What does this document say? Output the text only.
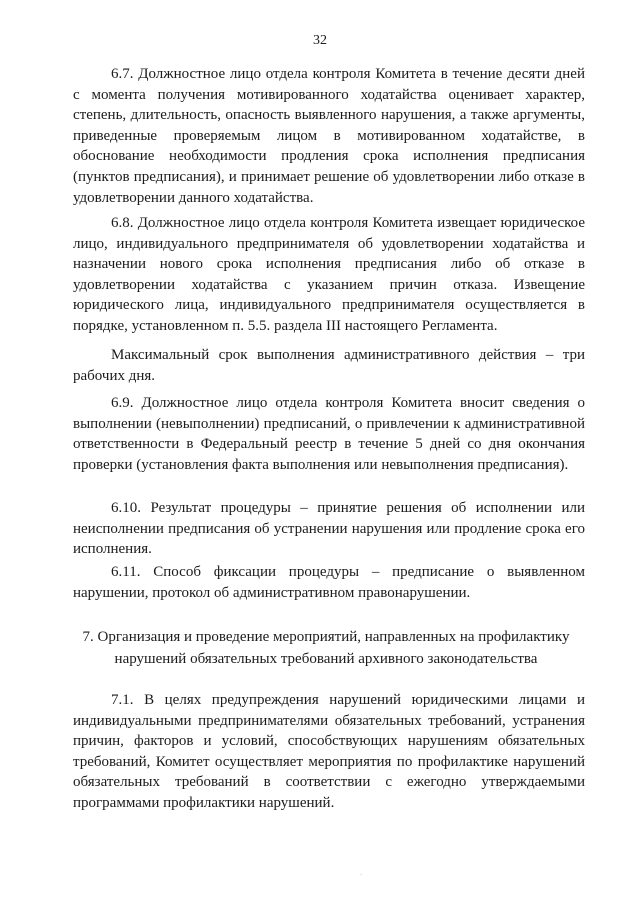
32

6.7. Должностное лицо отдела контроля Комитета в течение десяти дней с момента получения мотивированного ходатайства оценивает характер, степень, длительность, опасность выявленного нарушения, а также аргументы, приведенные проверяемым лицом в мотивированном ходатайстве, в обоснование необходимости продления срока исполнения предписания (пунктов предписания), и принимает решение об удовлетворении либо отказе в удовлетворении данного ходатайства.

6.8. Должностное лицо отдела контроля Комитета извещает юридическое лицо, индивидуального предпринимателя об удовлетворении ходатайства и назначении нового срока исполнения предписания либо об отказе в удовлетворении ходатайства с указанием причин отказа. Извещение юридического лица, индивидуального предпринимателя осуществляется в порядке, установленном п. 5.5. раздела III настоящего Регламента.

Максимальный срок выполнения административного действия – три рабочих дня.

6.9. Должностное лицо отдела контроля Комитета вносит сведения о выполнении (невыполнении) предписаний, о привлечении к административной ответственности в Федеральный реестр в течение 5 дней со дня окончания проверки (установления факта выполнения или невыполнения предписания).

6.10. Результат процедуры – принятие решения об исполнении или неисполнении предписания об устранении нарушения или продление срока его исполнения.

6.11. Способ фиксации процедуры – предписание о выявленном нарушении, протокол об административном правонарушении.

7. Организация и проведение мероприятий, направленных на профилактику
нарушений обязательных требований архивного законодательства

7.1. В целях предупреждения нарушений юридическими лицами и индивидуальными предпринимателями обязательных требований, устранения причин, факторов и условий, способствующих нарушениям обязательных требований, Комитет осуществляет мероприятия по профилактике нарушений обязательных требований в соответствии с ежегодно утверждаемыми программами профилактики нарушений.

.
